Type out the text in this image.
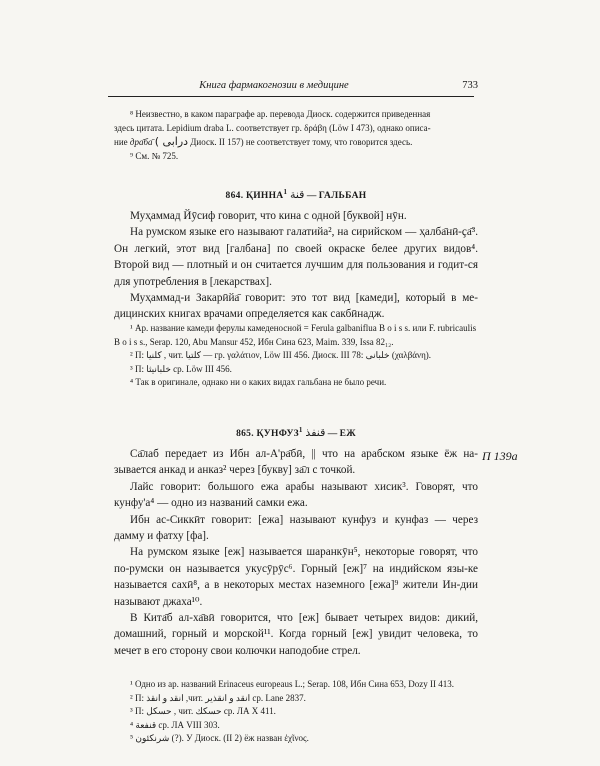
Книга фармакогнозии в медицине	733

⁸ Неизвестно, в каком параграфе ар. перевода Диоск. содержится приведенная

здесь цитата. Lepidium draba L. соответствует гр. δράβη (Löw I 473), однако описа-

ние дра̄ба̄ ( درابى Диоск. II 157) не соответствует тому, что говорится здесь.

⁹ См. № 725.

864. ҚИННА$^1$ قنة — ГАЛЬБАН

Муҳаммад Йӯсиф говорит, что кина с одной [буквой] нӯн.

На румском языке его называют галатийа², на сирийском — ҳалба̄нӣ-ҫа̄³. Он легкий, этот вид [галбана] по своей окраске белее других видов⁴. Второй вид — плотный и он считается лучшим для пользования и годит-ся для употребления в [лекарствах].

Муҳаммад-и Закарӣйа̄ говорит: это тот вид [камеди], который в ме-дицинских книгах врачами определяется как сакбӣнадж.

¹ Ар. название камеди ферулы камеденосной = Ferula galbaniflua B o i s s. или F. rubricaulis B o i s s., Serap. 120, Abu Mansur 452, Ибн Сина 623, Maim. 339, Issa 82₁₂.

² П: كلنيا , чит. كلتيا — гр. γαλάτιον, Löw III 456. Диоск. III 78: خلبانى (χαλβάνη).

³ П: خلبانيثا cp. Löw III 456.

⁴ Так в оригинале, однако ни о каких видах гальбана не было речи.

865. ҚУНФУЗ$^1$ قنفذ — ЕЖ
П 139а

Са̄лаб передает из Ибн ал-А'ра̄бӣ, || что на арабском языке ёж на-зывается анкад и анказ² через [букву] за̄л с точкой.

Лайс говорит: большого ежа арабы называют хисик³. Говорят, что кунфу'а⁴ — одно из названий самки ежа.

Ибн ас-Сиккӣт говорит: [ежа] называют кунфуз и кунфаз — через дамму и фатху [фа].

На румском языке [еж] называется шаранкӯн⁵, некоторые говорят, что по-румски он называется укусӯрӯс⁶. Горный [еж]⁷ на индийском язы-ке называется сахӣ⁸, а в некоторых местах наземного [ежа]⁹ жители Ин-дии называют джаха¹⁰.

В Кита̄б ал-ха̄вӣ говорится, что [еж] бывает четырех видов: дикий, домашний, горный и морской¹¹. Когда горный [еж] увидит человека, то мечет в его сторону свои колючки наподобие стрел.

¹ Одно из ар. названий Erinaceus europeaus L.; Serap. 108, Ибн Сина 653, Dozy II 413.

² П: انقد و انقذ ,чит. انقد و انقذير cp. Lane 2837.

³ П: حسكل , чит. حسكك cp. ЛА X 411.

⁴ قنفعة cp. ЛА VIII 303.

⁵ شرنكئون (?). У Диоск. (II 2) ёж назван ἐχῖνος.
